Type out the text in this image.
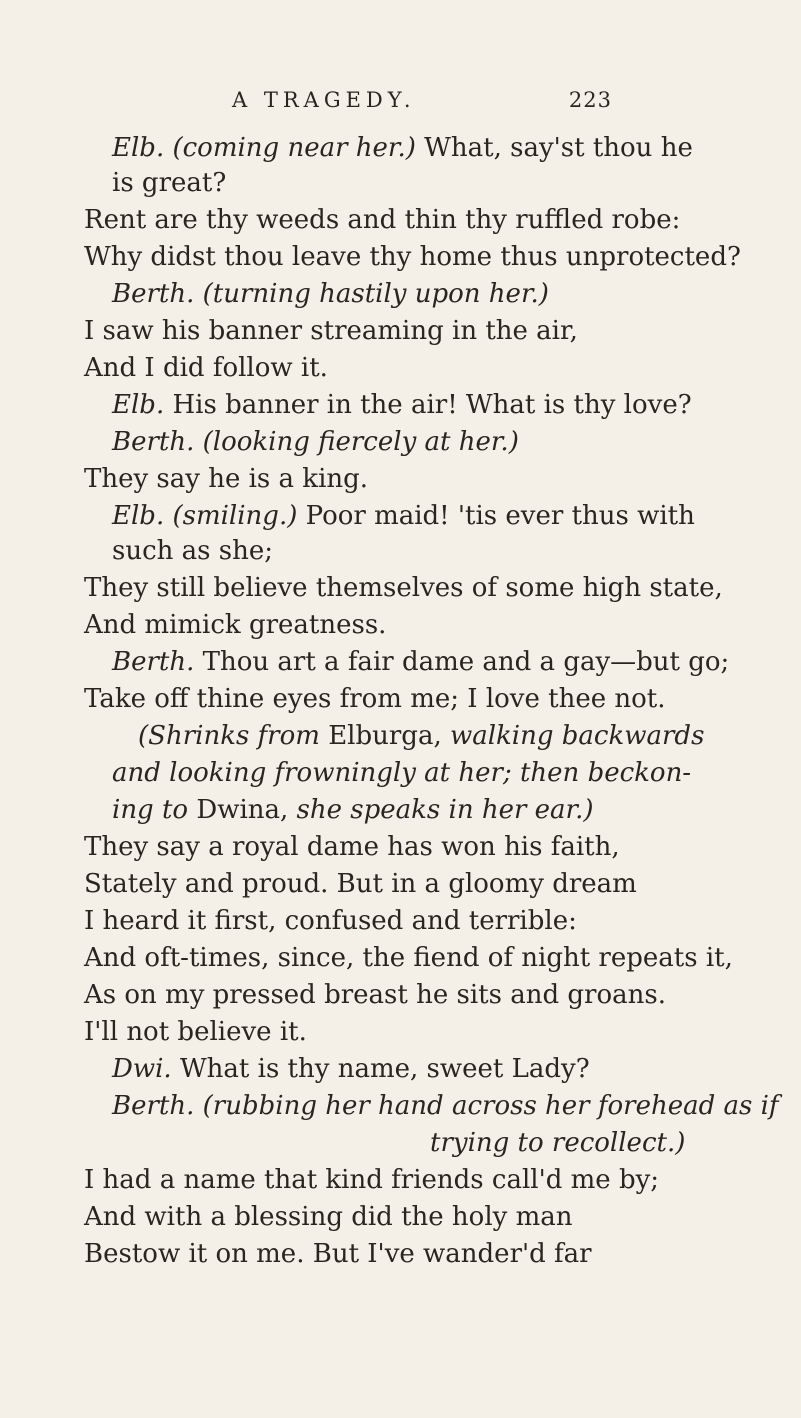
A TRAGEDY.	223
Elb. (coming near her.) What, say'st thou he
is great?
Rent are thy weeds and thin thy ruffled robe:
Why didst thou leave thy home thus unprotected?
Berth. (turning hastily upon her.)
I saw his banner streaming in the air,
And I did follow it.
Elb. His banner in the air! What is thy love?
Berth. (looking fiercely at her.)
They say he is a king.
Elb. (smiling.) Poor maid! 'tis ever thus with
such as she;
They still believe themselves of some high state,
And mimick greatness.
Berth. Thou art a fair dame and a gay—but go;
Take off thine eyes from me; I love thee not.
(Shrinks from Elburga, walking backwards
and looking frowningly at her; then beckon-
ing to Dwina, she speaks in her ear.)
They say a royal dame has won his faith,
Stately and proud. But in a gloomy dream
I heard it first, confused and terrible:
And oft-times, since, the fiend of night repeats it,
As on my pressed breast he sits and groans.
I'll not believe it.
Dwi. What is thy name, sweet Lady?
Berth. (rubbing her hand across her forehead as if
trying to recollect.)
I had a name that kind friends call'd me by;
And with a blessing did the holy man
Bestow it on me. But I've wander'd far
